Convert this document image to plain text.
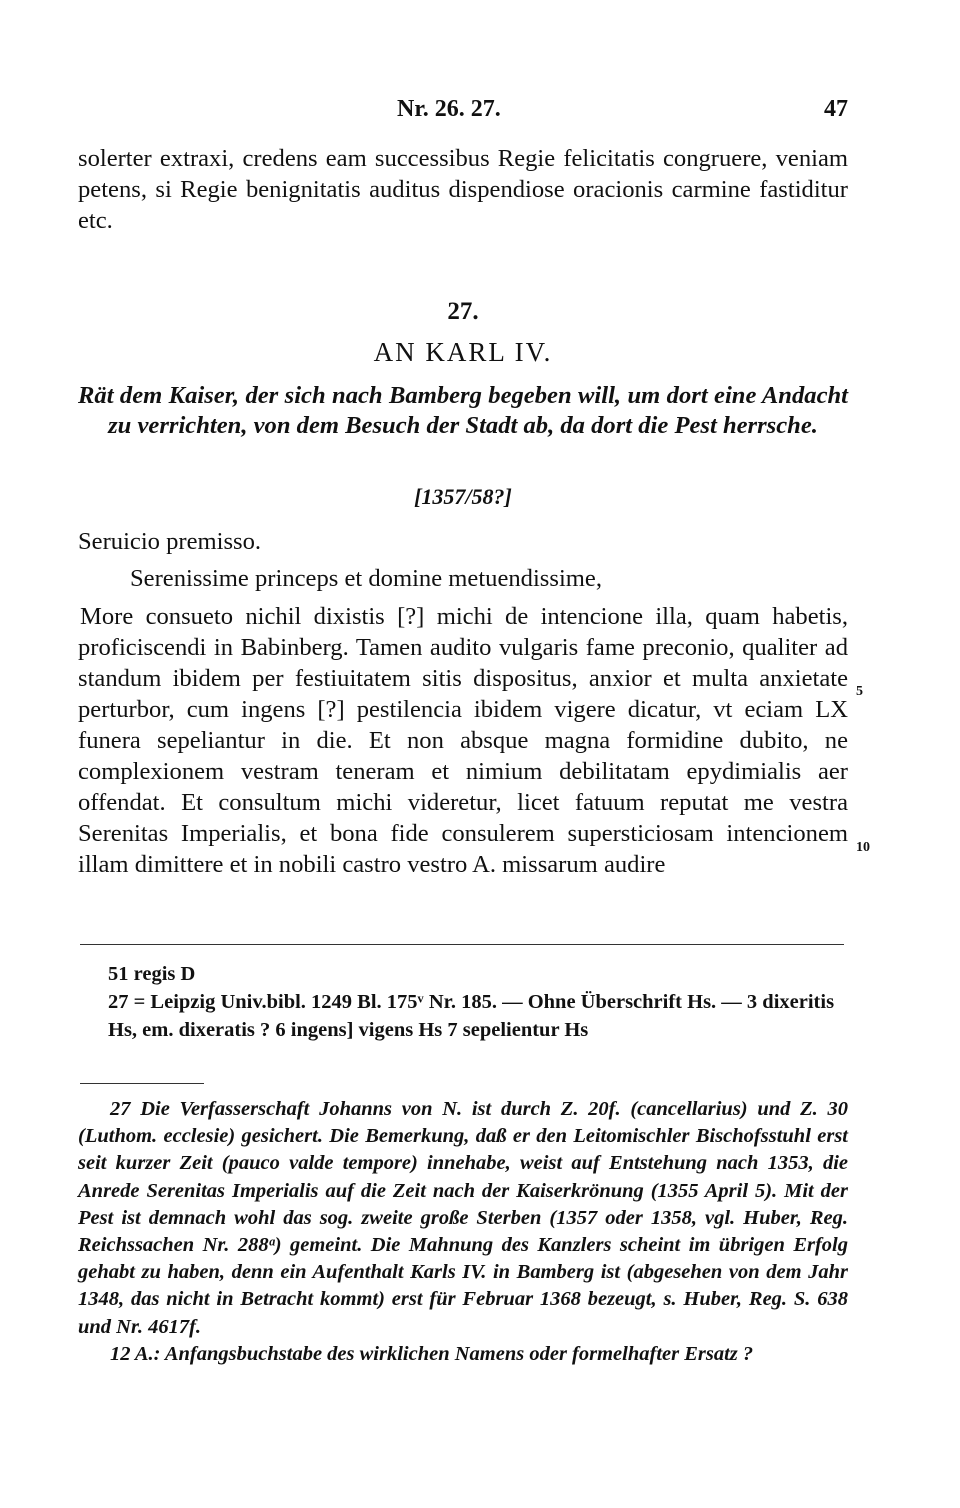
Nr. 26. 27.	47
solerter extraxi, credens eam successibus Regie felicitatis congruere, veniam petens, si Regie benignitatis auditus dispendiose oracionis carmine fastiditur etc.
27.
AN KARL IV.
Rät dem Kaiser, der sich nach Bamberg begeben will, um dort eine Andacht zu verrichten, von dem Besuch der Stadt ab, da dort die Pest herrsche.
[1357/58?]
Seruicio premisso.
Serenissime princeps et domine metuendissime,
More consueto nichil dixistis [?] michi de intencione illa, quam habetis, proficiscendi in Babinberg. Tamen audito vulgaris fame preconio, qualiter ad standum ibidem per festiuitatem sitis dispositus, anxior et multa anxietate perturbor, cum ingens [?] pestilencia ibidem vigere dicatur, vt eciam LX funera sepeliantur in die. Et non absque magna formidine dubito, ne complexionem vestram teneram et nimium debilitatam epydimialis aer offendat. Et consultum michi videretur, licet fatuum reputat me vestra Serenitas Imperialis, et bona fide consulerem supersticiosam intencionem illam dimittere et in nobili castro vestro A. missarum audire
51 regis D
27 = Leipzig Univ.bibl. 1249 Bl. 175ᵛ Nr. 185. — Ohne Überschrift Hs. — 3 dixeritis Hs, em. dixeratis ? 6 ingens] vigens Hs 7 sepelientur Hs
27 Die Verfasserschaft Johanns von N. ist durch Z. 20f. (cancellarius) und Z. 30 (Luthom. ecclesie) gesichert. Die Bemerkung, daß er den Leitomischler Bischofsstuhl erst seit kurzer Zeit (pauco valde tempore) innehabe, weist auf Entstehung nach 1353, die Anrede Serenitas Imperialis auf die Zeit nach der Kaiserkrönung (1355 April 5). Mit der Pest ist demnach wohl das sog. zweite große Sterben (1357 oder 1358, vgl. Huber, Reg. Reichssachen Nr. 288ᵃ) gemeint. Die Mahnung des Kanzlers scheint im übrigen Erfolg gehabt zu haben, denn ein Aufenthalt Karls IV. in Bamberg ist (abgesehen von dem Jahr 1348, das nicht in Betracht kommt) erst für Februar 1368 bezeugt, s. Huber, Reg. S. 638 und Nr. 4617f.
12 A.: Anfangsbuchstabe des wirklichen Namens oder formelhafter Ersatz ?
5
10
